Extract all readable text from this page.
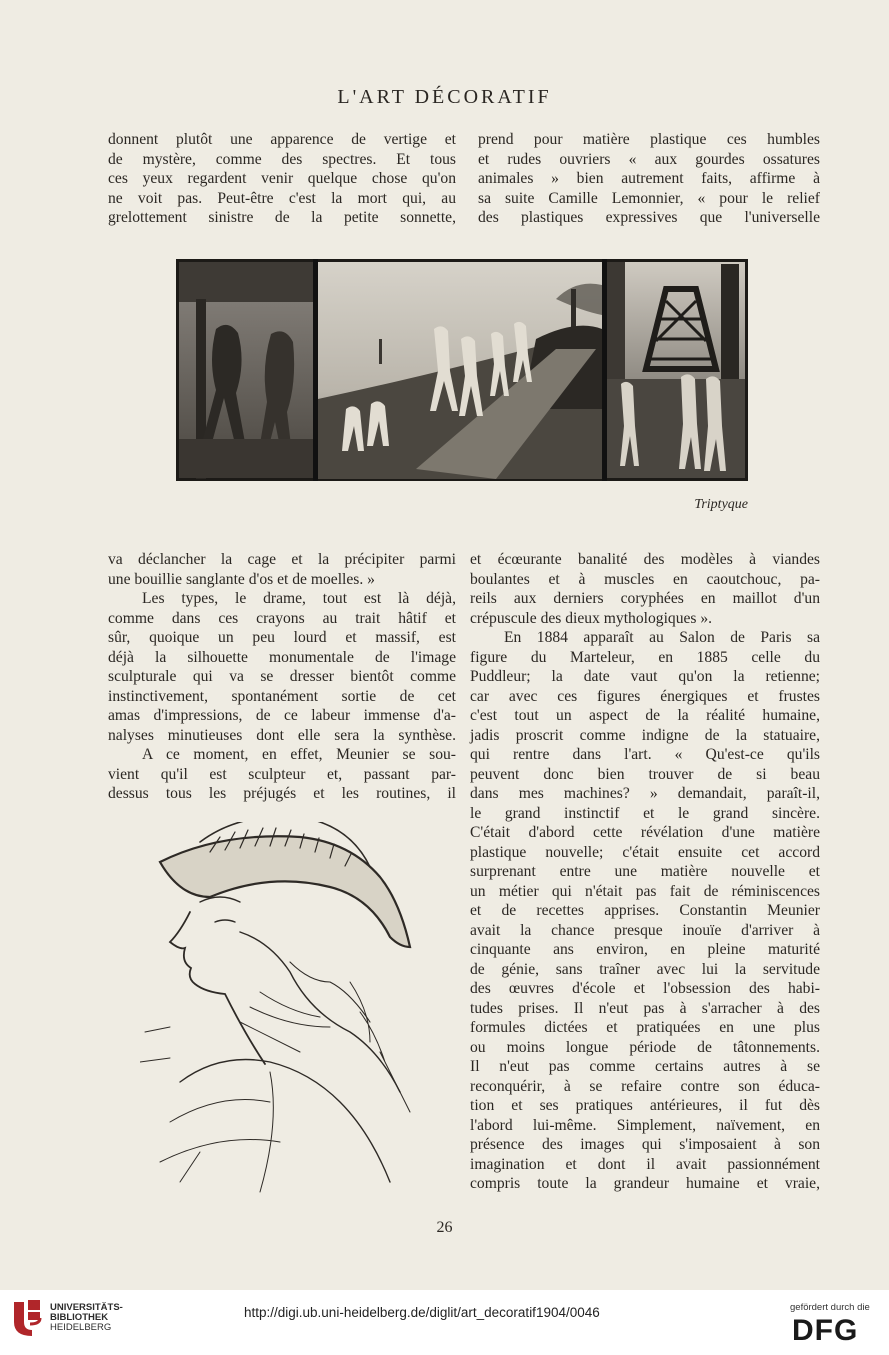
L'ART DÉCORATIF

donnent plutôt une apparence de vertige et

de mystère, comme des spectres. Et tous

ces yeux regardent venir quelque chose qu'on

ne voit pas. Peut-être c'est la mort qui, au

grelottement sinistre de la petite sonnette,

prend pour matière plastique ces humbles

et rudes ouvriers « aux gourdes ossatures

animales » bien autrement faits, affirme à

sa suite Camille Lemonnier, « pour le relief

des plastiques expressives que l'universelle

Triptyque

va déclancher la cage et la précipiter parmi

une bouillie sanglante d'os et de moelles. »

Les types, le drame, tout est là déjà,

comme dans ces crayons au trait hâtif et

sûr, quoique un peu lourd et massif, est

déjà la silhouette monumentale de l'image

sculpturale qui va se dresser bientôt comme

instinctivement, spontanément sortie de cet

amas d'impressions, de ce labeur immense d'a-

nalyses minutieuses dont elle sera la synthèse.

A ce moment, en effet, Meunier se sou-

vient qu'il est sculpteur et, passant par-

dessus tous les préjugés et les routines, il

et écœurante banalité des modèles à viandes

boulantes et à muscles en caoutchouc, pa-

reils aux derniers coryphées en maillot d'un

crépuscule des dieux mythologiques ».

En 1884 apparaît au Salon de Paris sa

figure du Marteleur, en 1885 celle du

Puddleur; la date vaut qu'on la retienne;

car avec ces figures énergiques et frustes

c'est tout un aspect de la réalité humaine,

jadis proscrit comme indigne de la statuaire,

qui rentre dans l'art. « Qu'est-ce qu'ils

peuvent donc bien trouver de si beau

dans mes machines? » demandait, paraît-il,

le grand instinctif et le grand sincère.

C'était d'abord cette révélation d'une matière

plastique nouvelle; c'était ensuite cet accord

surprenant entre une matière nouvelle et

un métier qui n'était pas fait de réminiscences

et de recettes apprises. Constantin Meunier

avait la chance presque inouïe d'arriver à

cinquante ans environ, en pleine maturité

de génie, sans traîner avec lui la servitude

des œuvres d'école et l'obsession des habi-

tudes prises. Il n'eut pas à s'arracher à des

formules dictées et pratiquées en une plus

ou moins longue période de tâtonnements.

Il n'eut pas comme certains autres à se

reconquérir, à se refaire contre son éduca-

tion et ses pratiques antérieures, il fut dès

l'abord lui-même. Simplement, naïvement, en

présence des images qui s'imposaient à son

imagination et dont il avait passionnément

compris toute la grandeur humaine et vraie,

26
UNIVERSITÄTS-
BIBLIOTHEK
HEIDELBERG
http://digi.ub.uni-heidelberg.de/diglit/art_decoratif1904/0046	gefördert durch die
DFG
